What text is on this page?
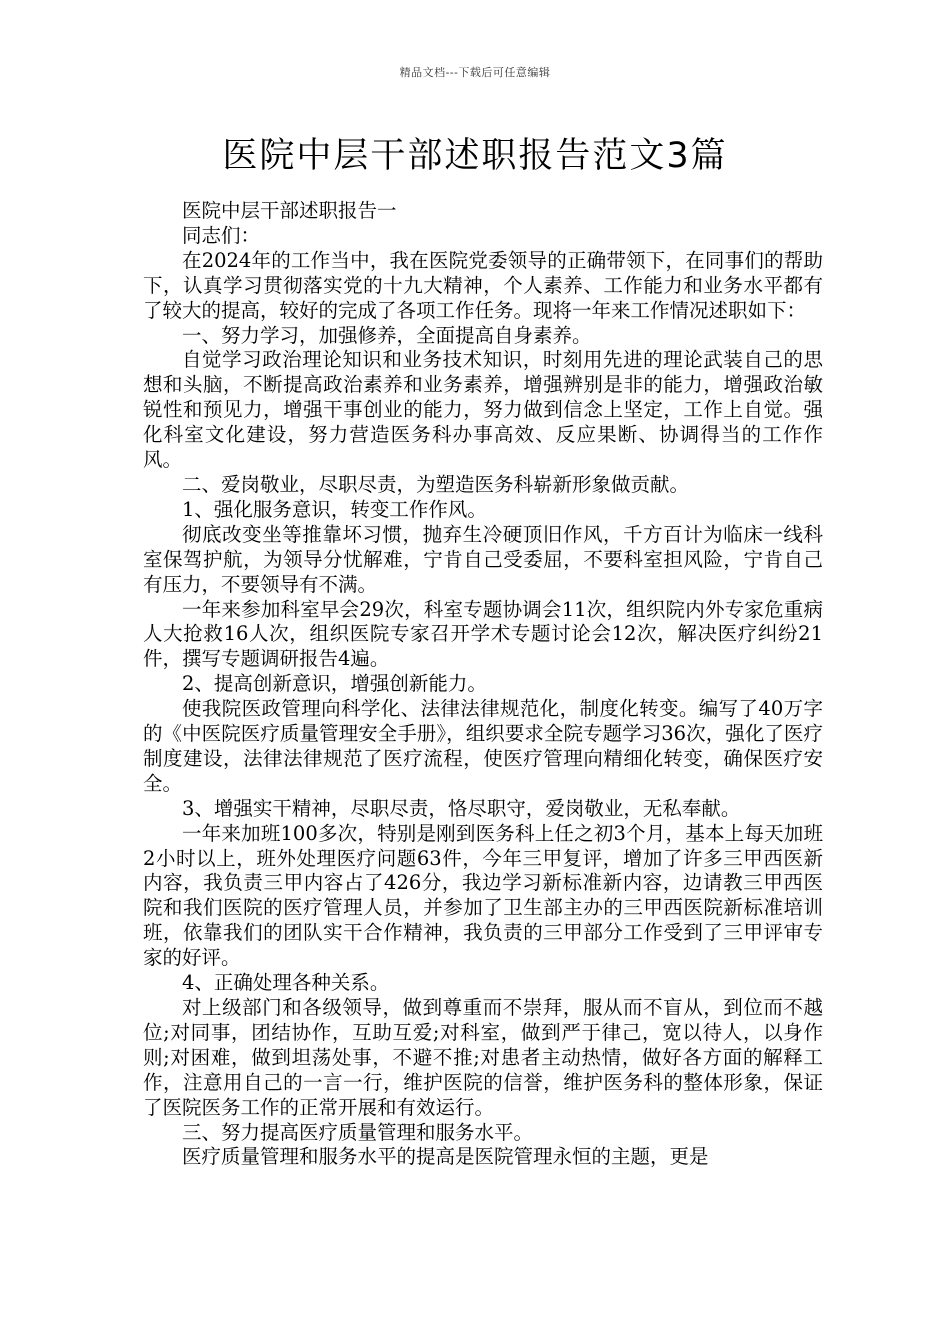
精品文档---下载后可任意编辑
医院中层干部述职报告范文3篇

医院中层干部述职报告一

同志们：

在2024年的工作当中，我在医院党委领导的正确带领下，在同事们的帮助下，认真学习贯彻落实党的十九大精神，个人素养、工作能力和业务水平都有了较大的提高，较好的完成了各项工作任务。现将一年来工作情况述职如下：

一、努力学习，加强修养，全面提高自身素养。

自觉学习政治理论知识和业务技术知识，时刻用先进的理论武装自己的思想和头脑，不断提高政治素养和业务素养，增强辨别是非的能力，增强政治敏锐性和预见力，增强干事创业的能力，努力做到信念上坚定，工作上自觉。强化科室文化建设，努力营造医务科办事高效、反应果断、协调得当的工作作风。

二、爱岗敬业，尽职尽责，为塑造医务科崭新形象做贡献。

1、强化服务意识，转变工作作风。

彻底改变坐等推靠坏习惯，抛弃生冷硬顶旧作风，千方百计为临床一线科室保驾护航，为领导分忧解难，宁肯自己受委屈，不要科室担风险，宁肯自己有压力，不要领导有不满。

一年来参加科室早会29次，科室专题协调会11次，组织院内外专家危重病人大抢救16人次，组织医院专家召开学术专题讨论会12次，解决医疗纠纷21件，撰写专题调研报告4遍。

2、提高创新意识，增强创新能力。

使我院医政管理向科学化、法律法律规范化，制度化转变。编写了40万字的《中医院医疗质量管理安全手册》，组织要求全院专题学习36次，强化了医疗制度建设，法律法律规范了医疗流程，使医疗管理向精细化转变，确保医疗安全。

3、增强实干精神，尽职尽责，恪尽职守，爱岗敬业，无私奉献。

一年来加班100多次，特别是刚到医务科上任之初3个月，基本上每天加班2小时以上，班外处理医疗问题63件，今年三甲复评，增加了许多三甲西医新内容，我负责三甲内容占了426分，我边学习新标准新内容，边请教三甲西医院和我们医院的医疗管理人员，并参加了卫生部主办的三甲西医院新标准培训班，依靠我们的团队实干合作精神，我负责的三甲部分工作受到了三甲评审专家的好评。

4、正确处理各种关系。

对上级部门和各级领导，做到尊重而不崇拜，服从而不盲从，到位而不越位;对同事，团结协作，互助互爱;对科室，做到严于律己，宽以待人，以身作则;对困难，做到坦荡处事，不避不推;对患者主动热情，做好各方面的解释工作，注意用自己的一言一行，维护医院的信誉，维护医务科的整体形象，保证了医院医务工作的正常开展和有效运行。

三、努力提高医疗质量管理和服务水平。

医疗质量管理和服务水平的提高是医院管理永恒的主题，更是
